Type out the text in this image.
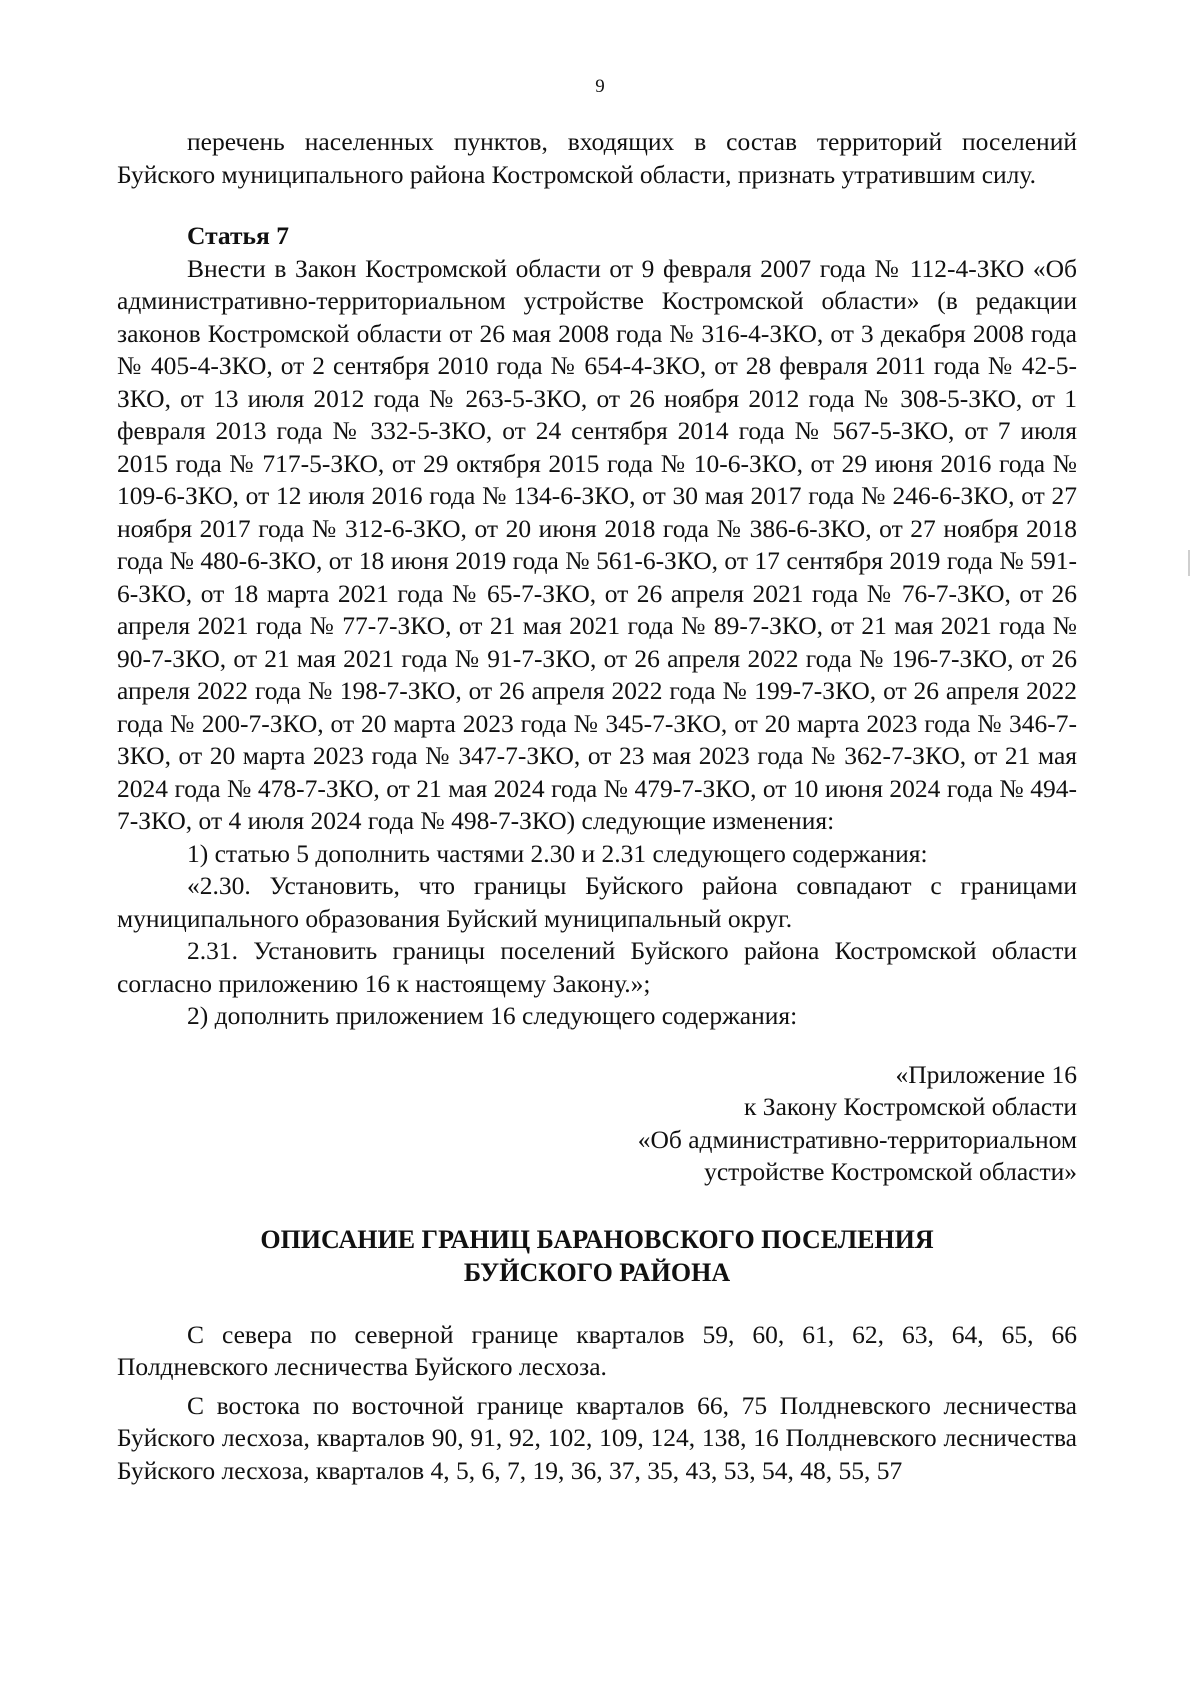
9

перечень населенных пунктов, входящих в состав территорий поселений Буйского муниципального района Костромской области, признать утратившим силу.

Статья 7

Внести в Закон Костромской области от 9 февраля 2007 года № 112-4-ЗКО «Об административно-территориальном устройстве Костромской области» (в редакции законов Костромской области от 26 мая 2008 года № 316-4-ЗКО, от 3 декабря 2008 года № 405-4-ЗКО, от 2 сентября 2010 года № 654-4-ЗКО, от 28 февраля 2011 года № 42-5-ЗКО, от 13 июля 2012 года № 263-5-ЗКО, от 26 ноября 2012 года № 308-5-ЗКО, от 1 февраля 2013 года № 332-5-ЗКО, от 24 сентября 2014 года № 567-5-ЗКО, от 7 июля 2015 года № 717-5-ЗКО, от 29 октября 2015 года № 10-6-ЗКО, от 29 июня 2016 года № 109-6-ЗКО, от 12 июля 2016 года № 134-6-ЗКО, от 30 мая 2017 года № 246-6-ЗКО, от 27 ноября 2017 года № 312-6-ЗКО, от 20 июня 2018 года № 386-6-ЗКО, от 27 ноября 2018 года № 480-6-ЗКО, от 18 июня 2019 года № 561-6-ЗКО, от 17 сентября 2019 года № 591-6-ЗКО, от 18 марта 2021 года № 65-7-ЗКО, от 26 апреля 2021 года № 76-7-ЗКО, от 26 апреля 2021 года № 77-7-ЗКО, от 21 мая 2021 года № 89-7-ЗКО, от 21 мая 2021 года № 90-7-ЗКО, от 21 мая 2021 года № 91-7-ЗКО, от 26 апреля 2022 года № 196-7-ЗКО, от 26 апреля 2022 года № 198-7-ЗКО, от 26 апреля 2022 года № 199-7-ЗКО, от 26 апреля 2022 года № 200-7-ЗКО, от 20 марта 2023 года № 345-7-ЗКО, от 20 марта 2023 года № 346-7-ЗКО, от 20 марта 2023 года № 347-7-ЗКО, от 23 мая 2023 года № 362-7-ЗКО, от 21 мая 2024 года № 478-7-ЗКО, от 21 мая 2024 года № 479-7-ЗКО, от 10 июня 2024 года № 494-7-ЗКО, от 4 июля 2024 года № 498-7-ЗКО) следующие изменения:

1) статью 5 дополнить частями 2.30 и 2.31 следующего содержания:

«2.30. Установить, что границы Буйского района совпадают с границами муниципального образования Буйский муниципальный округ.

2.31. Установить границы поселений Буйского района Костромской области согласно приложению 16 к настоящему Закону.»;

2) дополнить приложением 16 следующего содержания:

«Приложение 16
к Закону Костромской области
«Об административно-территориальном
устройстве Костромской области»
ОПИСАНИЕ ГРАНИЦ БАРАНОВСКОГО ПОСЕЛЕНИЯ
БУЙСКОГО РАЙОНА

С севера по северной границе кварталов 59, 60, 61, 62, 63, 64, 65, 66 Полдневского лесничества Буйского лесхоза.

С востока по восточной границе кварталов 66, 75 Полдневского лесничества Буйского лесхоза, кварталов 90, 91, 92, 102, 109, 124, 138, 16 Полдневского лесничества Буйского лесхоза, кварталов 4, 5, 6, 7, 19, 36, 37, 35, 43, 53, 54, 48, 55, 57
